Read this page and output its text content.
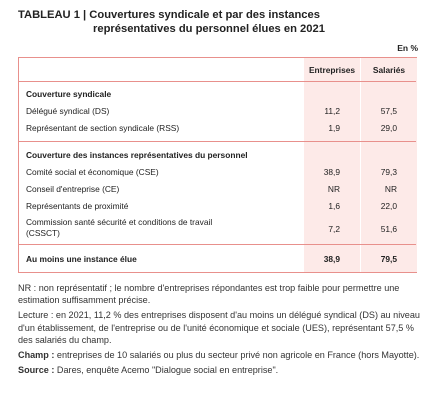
TABLEAU 1 | Couvertures syndicale et par des instances
représentatives du personnel élues en 2021
En %
Entreprises	Salariés
Couverture syndicale
Délégué syndical (DS)	11,2	57,5
Représentant de section syndicale (RSS)	1,9	29,0
Couverture des instances représentatives du personnel
Comité social et économique (CSE)	38,9	79,3
Conseil d'entreprise (CE)	NR	NR
Représentants de proximité	1,6	22,0
Commission santé sécurité et conditions de travail
(CSSCT)	7,2	51,6
Au moins une instance élue	38,9	79,5

NR : non représentatif ; le nombre d'entreprises répondantes est trop faible pour permettre une estimation suffisamment précise.

Lecture : en 2021, 11,2 % des entreprises disposent d'au moins un délégué syndical (DS) au niveau d'un établissement, de l'entreprise ou de l'unité économique et sociale (UES), représentant 57,5 % des salariés du champ.

Champ : entreprises de 10 salariés ou plus du secteur privé non agricole en France (hors Mayotte).

Source : Dares, enquête Acemo "Dialogue social en entreprise".
